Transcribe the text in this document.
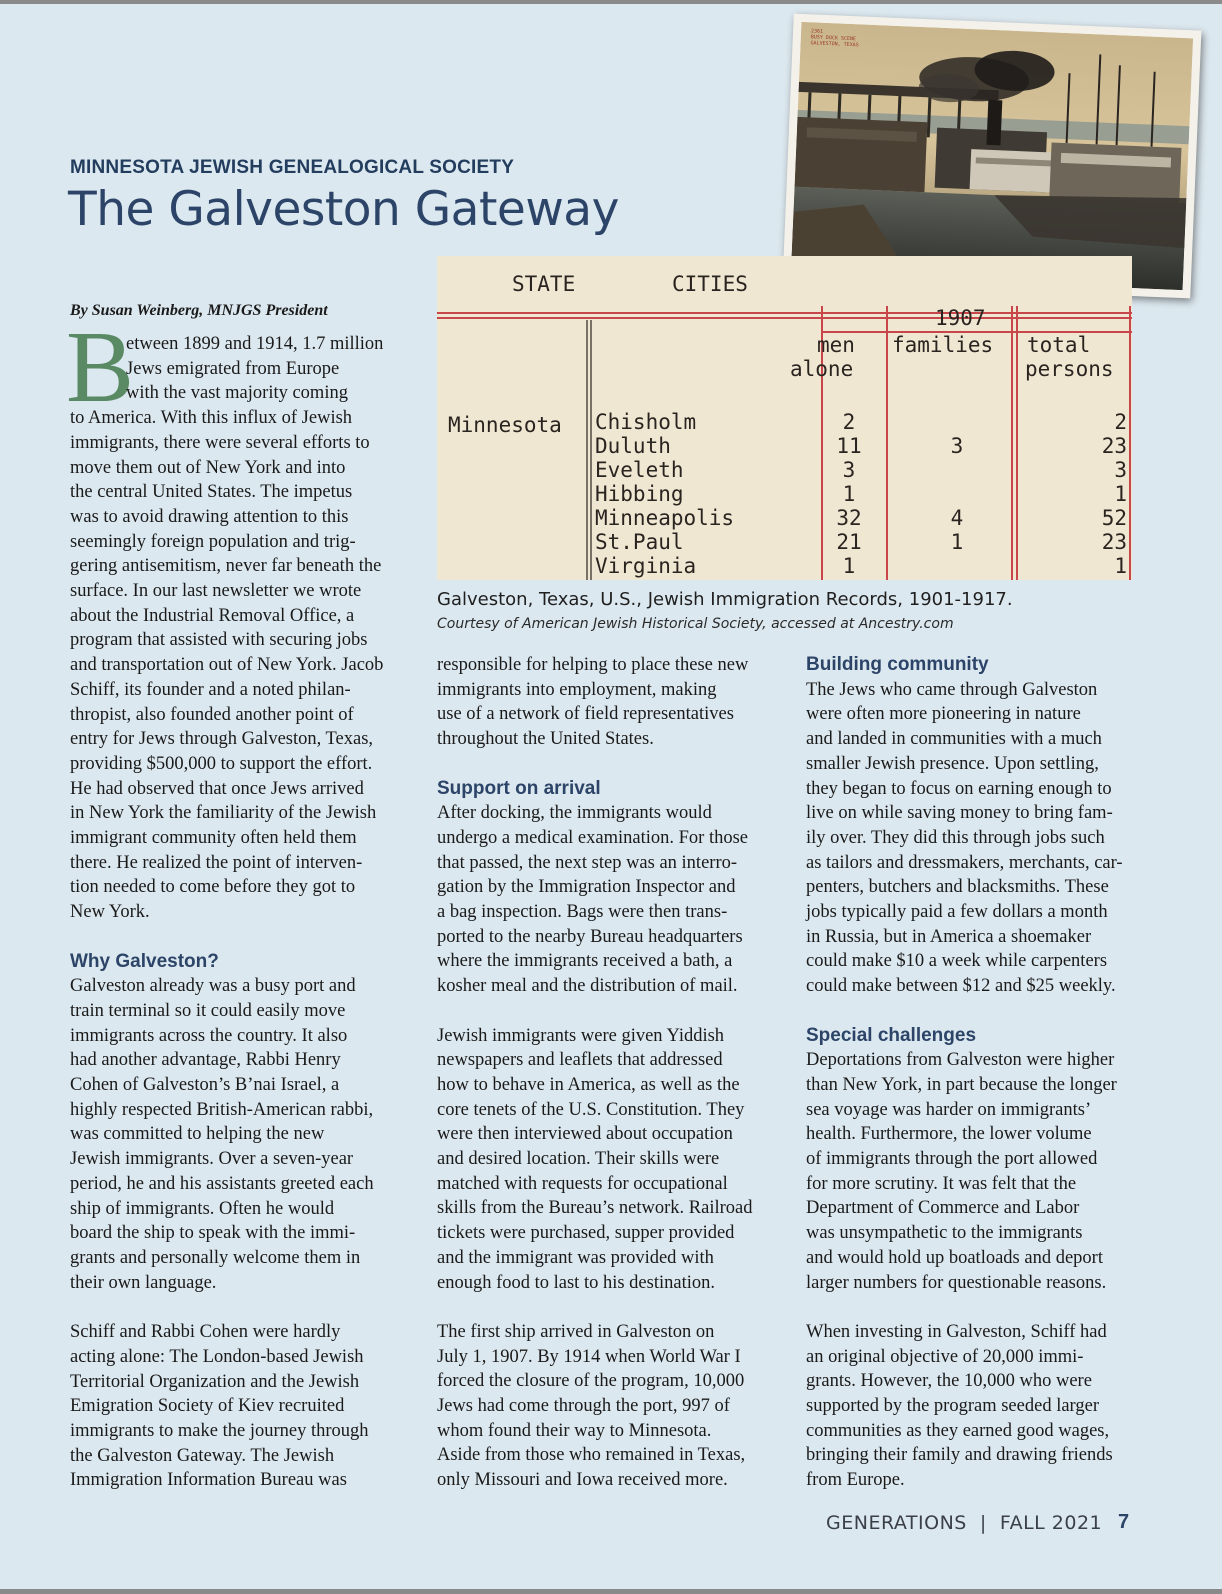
MINNESOTA JEWISH GENEALOGICAL SOCIETY
The Galveston Gateway
2361
BUSY DOCK SCENE
GALVESTON, TEXAS
STATE	CITIES
1907
men
alone
families total
persons
Minnesota Chisholm
Duluth
Eveleth
Hibbing
Minneapolis
St.Paul
Virginia
2
11
3
1
32
21
1
3
4
1
2
23
3
1
52
23
1
Galveston, Texas, U.S., Jewish Immigration Records, 1901-1917.
Courtesy of American Jewish Historical Society, accessed at Ancestry.com
By Susan Weinberg, MNJGS President
B

etween 1899 and 1914, 1.7 million

Jews emigrated from Europe

with the vast majority coming

to America. With this influx of Jewish

immigrants, there were several efforts to

move them out of New York and into

the central United States. The impetus

was to avoid drawing attention to this

seemingly foreign population and trig-

gering antisemitism, never far beneath the

surface. In our last newsletter we wrote

about the Industrial Removal Office, a

program that assisted with securing jobs

and transportation out of New York. Jacob

Schiff, its founder and a noted philan-

thropist, also founded another point of

entry for Jews through Galveston, Texas,

providing $500,000 to support the effort.

He had observed that once Jews arrived

in New York the familiarity of the Jewish

immigrant community often held them

there. He realized the point of interven-

tion needed to come before they got to

New York.

Why Galveston?

Galveston already was a busy port and

train terminal so it could easily move

immigrants across the country. It also

had another advantage, Rabbi Henry

Cohen of Galveston’s B’nai Israel, a

highly respected British-American rabbi,

was committed to helping the new

Jewish immigrants. Over a seven-year

period, he and his assistants greeted each

ship of immigrants. Often he would

board the ship to speak with the immi-

grants and personally welcome them in

their own language.

Schiff and Rabbi Cohen were hardly

acting alone: The London-based Jewish

Territorial Organization and the Jewish

Emigration Society of Kiev recruited

immigrants to make the journey through

the Galveston Gateway. The Jewish

Immigration Information Bureau was

responsible for helping to place these new

immigrants into employment, making

use of a network of field representatives

throughout the United States.

Support on arrival

After docking, the immigrants would

undergo a medical examination. For those

that passed, the next step was an interro-

gation by the Immigration Inspector and

a bag inspection. Bags were then trans-

ported to the nearby Bureau headquarters

where the immigrants received a bath, a

kosher meal and the distribution of mail.

Jewish immigrants were given Yiddish

newspapers and leaflets that addressed

how to behave in America, as well as the

core tenets of the U.S. Constitution. They

were then interviewed about occupation

and desired location. Their skills were

matched with requests for occupational

skills from the Bureau’s network. Railroad

tickets were purchased, supper provided

and the immigrant was provided with

enough food to last to his destination.

The first ship arrived in Galveston on

July 1, 1907. By 1914 when World War I

forced the closure of the program, 10,000

Jews had come through the port, 997 of

whom found their way to Minnesota.

Aside from those who remained in Texas,

only Missouri and Iowa received more.

Building community

The Jews who came through Galveston

were often more pioneering in nature

and landed in communities with a much

smaller Jewish presence. Upon settling,

they began to focus on earning enough to

live on while saving money to bring fam-

ily over. They did this through jobs such

as tailors and dressmakers, merchants, car-

penters, butchers and blacksmiths. These

jobs typically paid a few dollars a month

in Russia, but in America a shoemaker

could make $10 a week while carpenters

could make between $12 and $25 weekly.

Special challenges

Deportations from Galveston were higher

than New York, in part because the longer

sea voyage was harder on immigrants’

health. Furthermore, the lower volume

of immigrants through the port allowed

for more scrutiny. It was felt that the

Department of Commerce and Labor

was unsympathetic to the immigrants

and would hold up boatloads and deport

larger numbers for questionable reasons.

When investing in Galveston, Schiff had

an original objective of 20,000 immi-

grants. However, the 10,000 who were

supported by the program seeded larger

communities as they earned good wages,

bringing their family and drawing friends

from Europe.

GENERATIONS  |  FALL 2021 7
